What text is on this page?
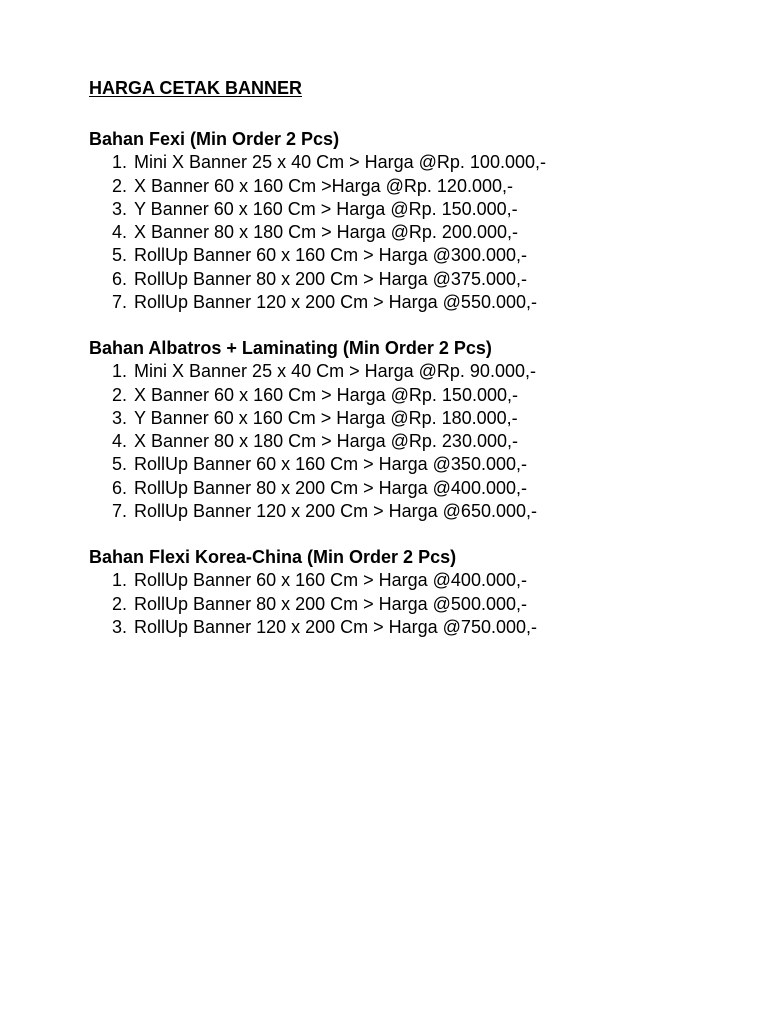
HARGA CETAK BANNER
Bahan Fexi (Min Order 2 Pcs)
1. Mini X Banner 25 x 40 Cm > Harga @Rp. 100.000,-
2. X Banner 60 x 160 Cm >Harga @Rp. 120.000,-
3. Y Banner 60 x 160 Cm > Harga @Rp. 150.000,-
4. X Banner 80 x 180 Cm > Harga @Rp. 200.000,-
5. RollUp Banner 60 x 160 Cm > Harga @300.000,-
6. RollUp Banner 80 x 200 Cm > Harga @375.000,-
7. RollUp Banner 120 x 200 Cm > Harga @550.000,-
Bahan Albatros + Laminating (Min Order 2 Pcs)
1. Mini X Banner 25 x 40 Cm > Harga @Rp. 90.000,-
2. X Banner 60 x 160 Cm > Harga @Rp. 150.000,-
3. Y Banner 60 x 160 Cm > Harga @Rp. 180.000,-
4. X Banner 80 x 180 Cm > Harga @Rp. 230.000,-
5. RollUp Banner 60 x 160 Cm > Harga @350.000,-
6. RollUp Banner 80 x 200 Cm > Harga @400.000,-
7. RollUp Banner 120 x 200 Cm > Harga @650.000,-
Bahan Flexi Korea-China (Min Order 2 Pcs)
1. RollUp Banner 60 x 160 Cm > Harga @400.000,-
2. RollUp Banner 80 x 200 Cm > Harga @500.000,-
3. RollUp Banner 120 x 200 Cm > Harga @750.000,-
